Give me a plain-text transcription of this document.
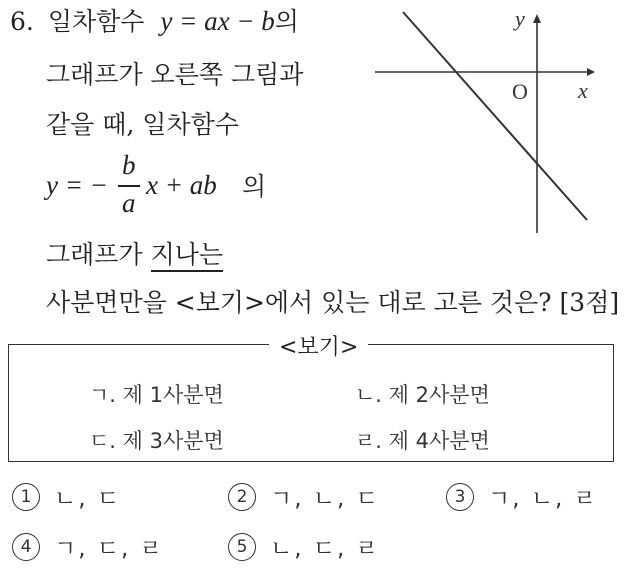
6. 일차함수 y = ax − b의
그래프가 오른쪽 그림과
같을 때, 일차함수
y = −
b
a
x + ab 의
그래프가 지나는
사분면만을 <보기>에서 있는 대로 고른 것은? [3점]
y
x
O
<보기>
ㄱ. 제 1사분면	ㄴ. 제 2사분면
ㄷ. 제 3사분면	ㄹ. 제 4사분면
1 ㄴ, ㄷ	2 ㄱ, ㄴ, ㄷ	3 ㄱ, ㄴ, ㄹ
4 ㄱ, ㄷ, ㄹ	5 ㄴ, ㄷ, ㄹ
